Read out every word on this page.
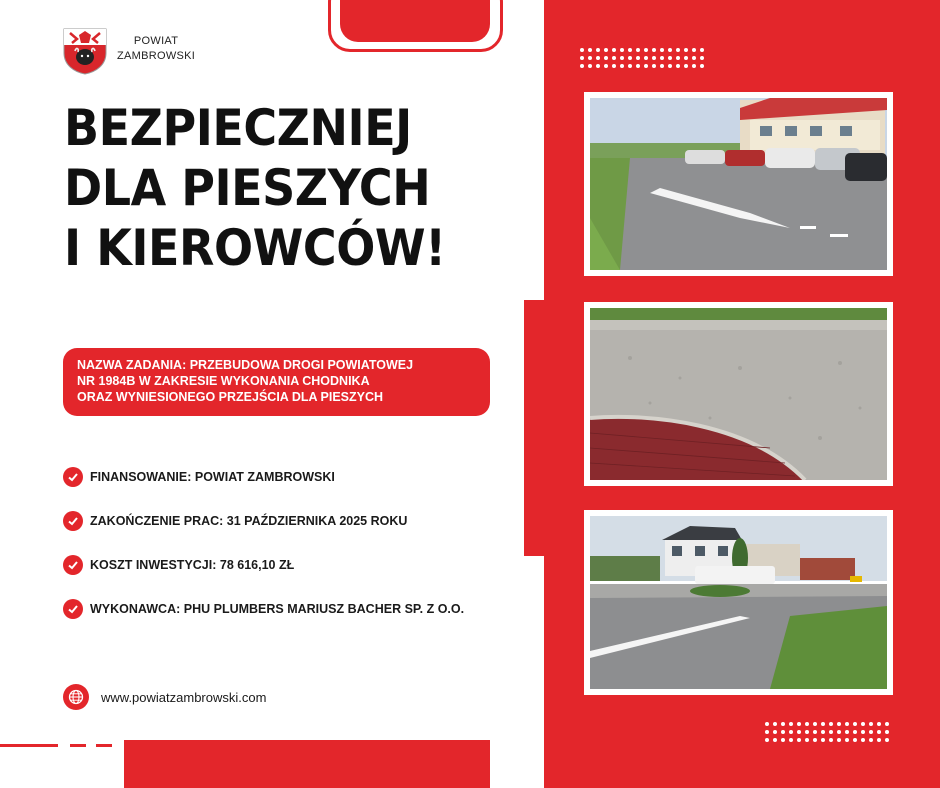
POWIAT
ZAMBROWSKI
BEZPIECZNIEJ
DLA PIESZYCH
I KIEROWCÓW!
NAZWA ZADANIA: PRZEBUDOWA DROGI POWIATOWEJ
NR 1984B W ZAKRESIE WYKONANIA CHODNIKA
ORAZ WYNIESIONEGO PRZEJŚCIA DLA PIESZYCH
FINANSOWANIE: POWIAT ZAMBROWSKI
ZAKOŃCZENIE PRAC: 31 PAŹDZIERNIKA 2025 ROKU
KOSZT INWESTYCJI: 78 616,10 ZŁ
WYKONAWCA: PHU PLUMBERS MARIUSZ BACHER SP. Z O.O.
www.powiatzambrowski.com
